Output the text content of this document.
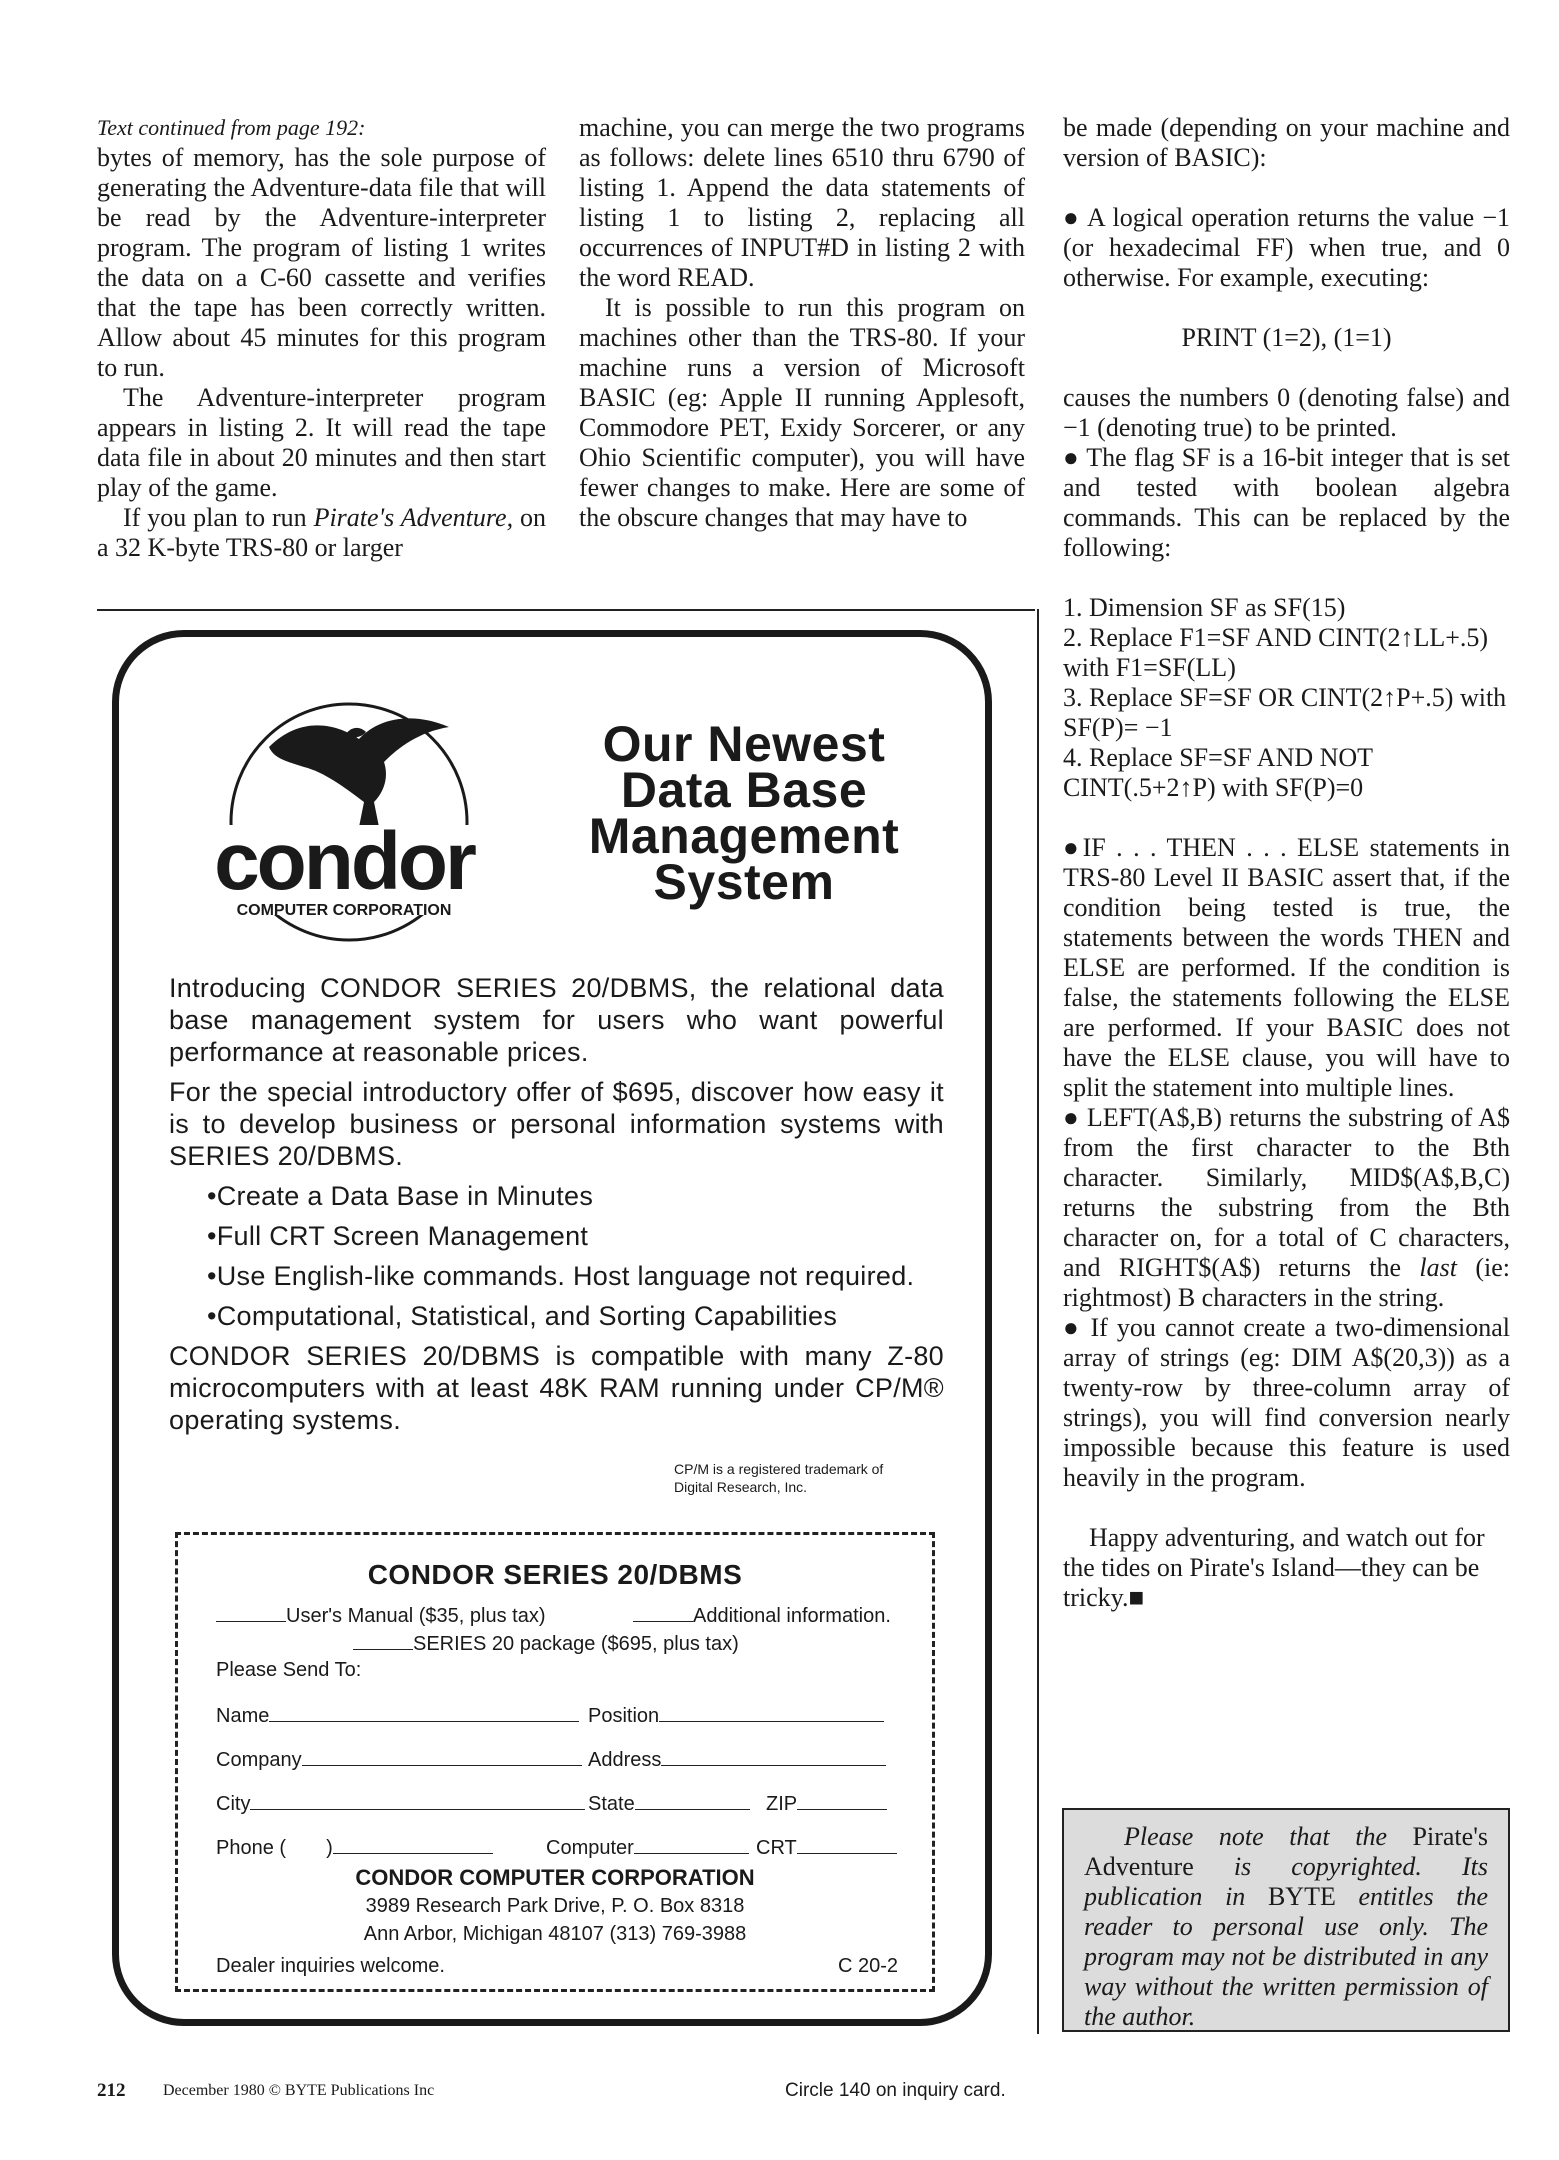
Text continued from page 192:

bytes of memory, has the sole purpose of generating the Adventure-data file that will be read by the Adventure-interpreter program. The program of listing 1 writes the data on a C-60 cassette and verifies that the tape has been correctly written. Allow about 45 minutes for this program to run.

The Adventure-interpreter program appears in listing 2. It will read the tape data file in about 20 minutes and then start play of the game.

If you plan to run Pirate's Adventure, on a 32 K-byte TRS-80 or larger

machine, you can merge the two programs as follows: delete lines 6510 thru 6790 of listing 1. Append the data statements of listing 1 to listing 2, replacing all occurrences of INPUT#D in listing 2 with the word READ.

It is possible to run this program on machines other than the TRS-80. If your machine runs a version of Microsoft BASIC (eg: Apple II running Applesoft, Commodore PET, Exidy Sorcerer, or any Ohio Scientific computer), you will have fewer changes to make. Here are some of the obscure changes that may have to

be made (depending on your machine and version of BASIC):

● A logical operation returns the value −1 (or hexadecimal FF) when true, and 0 otherwise. For example, executing:

PRINT (1=2), (1=1)

causes the numbers 0 (denoting false) and −1 (denoting true) to be printed.

● The flag SF is a 16-bit integer that is set and tested with boolean algebra commands. This can be replaced by the following:

1. Dimension SF as SF(15)

2. Replace F1=SF AND CINT(2↑LL+.5) with F1=SF(LL)

3. Replace SF=SF OR CINT(2↑P+.5) with SF(P)= −1

4. Replace SF=SF AND NOT CINT(.5+2↑P) with SF(P)=0

●IF . . . THEN . . . ELSE statements in TRS-80 Level II BASIC assert that, if the condition being tested is true, the statements between the words THEN and ELSE are performed. If the condition is false, the statements following the ELSE are performed. If your BASIC does not have the ELSE clause, you will have to split the statement into multiple lines.

● LEFT(A$,B) returns the substring of A$ from the first character to the Bth character. Similarly, MID$(A$,B,C) returns the substring from the Bth character on, for a total of C characters, and RIGHT$(A$) returns the last (ie: rightmost) B characters in the string.

● If you cannot create a two-dimensional array of strings (eg: DIM A$(20,3)) as a twenty-row by three-column array of strings), you will find conversion nearly impossible because this feature is used heavily in the program.

Happy adventuring, and watch out for the tides on Pirate's Island—they can be tricky.■

Please note that the Pirate's Adventure is copyrighted. Its publication in BYTE entitles the reader to personal use only. The program may not be distributed in any way without the written permission of the author.

condor
COMPUTER CORPORATION
Our Newest
Data Base
Management
System

Introducing CONDOR SERIES 20/DBMS, the relational data base management system for users who want powerful performance at reasonable prices.

For the special introductory offer of $695, discover how easy it is to develop business or personal information systems with SERIES 20/DBMS.

•Create a Data Base in Minutes
•Full CRT Screen Management
•Use English-like commands. Host language not required.
•Computational, Statistical, and Sorting Capabilities

CONDOR SERIES 20/DBMS is compatible with many Z-80 microcomputers with at least 48K RAM running under CP/M® operating systems.

CP/M is a registered trademark of
Digital Research, Inc.
CONDOR SERIES 20/DBMS
User's Manual ($35, plus tax)	Additional information.
SERIES 20 package ($695, plus tax)
Please Send To:
Name	Position
Company	Address
City	State	ZIP
Phone ( )	Computer	CRT
CONDOR COMPUTER CORPORATION
3989 Research Park Drive, P. O. Box 8318
Ann Arbor, Michigan 48107 (313) 769-3988
Dealer inquiries welcome.	C 20-2
212 December 1980 © BYTE Publications Inc	Circle 140 on inquiry card.
